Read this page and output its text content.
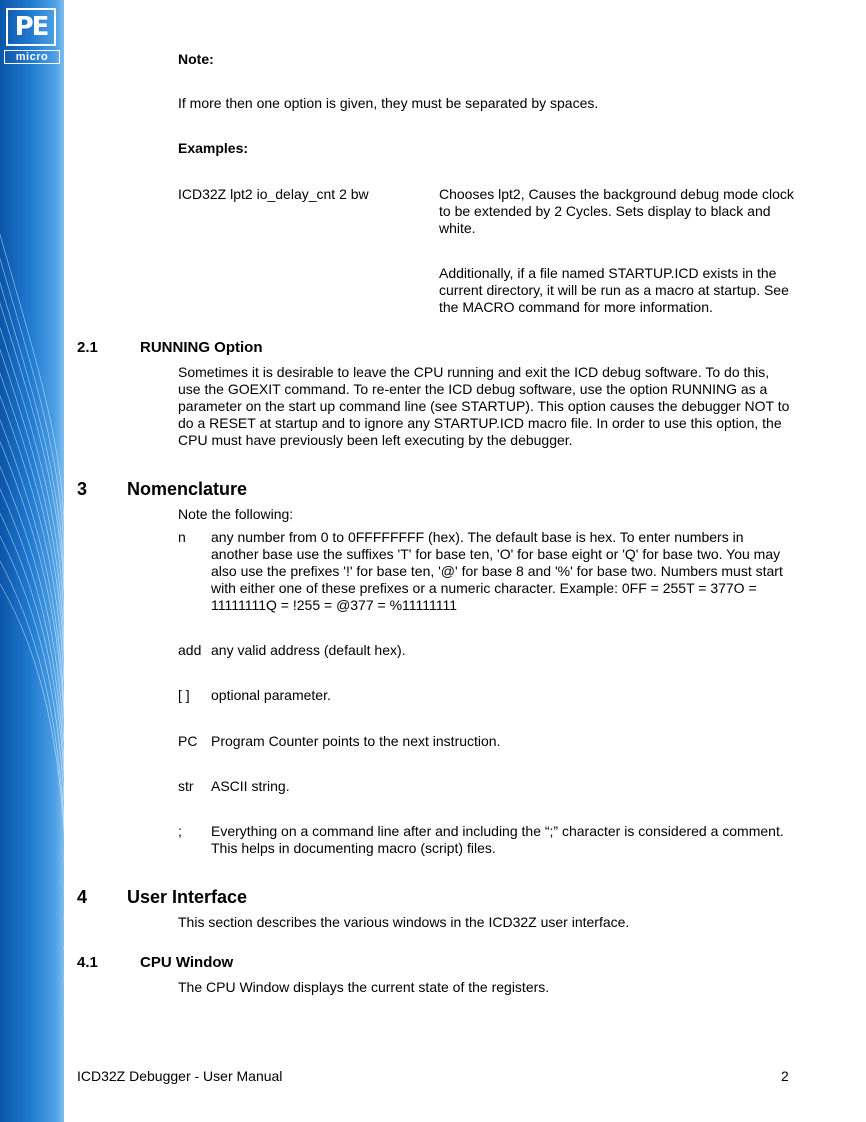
PE
micro	Note:
If more then one option is given, they must be separated by spaces.
Examples:
ICD32Z lpt2 io_delay_cnt 2 bw	Chooses lpt2, Causes the background debug mode clock to be extended by 2 Cycles. Sets display to black and white.
Additionally, if a file named STARTUP.ICD exists in the current directory, it will be run as a macro at startup. See the MACRO command for more information.
2.1	RUNNING Option
Sometimes it is desirable to leave the CPU running and exit the ICD debug software. To do this, use the GOEXIT command. To re-enter the ICD debug software, use the option RUNNING as a parameter on the start up command line (see STARTUP). This option causes the debugger NOT to do a RESET at startup and to ignore any STARTUP.ICD macro file. In order to use this option, the CPU must have previously been left executing by the debugger.
3 Nomenclature
Note the following:
n any number from 0 to 0FFFFFFFF (hex). The default base is hex. To enter numbers in another base use the suffixes 'T' for base ten, 'O' for base eight or 'Q' for base two. You may also use the prefixes '!' for base ten, '@' for base 8 and '%' for base two. Numbers must start with either one of these prefixes or a numeric character. Example: 0FF = 255T = 377O = 11111111Q = !255 = @377 = %11111111
add any valid address (default hex).
[ ] optional parameter.
PC Program Counter points to the next instruction.
str ASCII string.
; Everything on a command line after and including the “;” character is considered a comment. This helps in documenting macro (script) files.
4 User Interface
This section describes the various windows in the ICD32Z user interface.
4.1	CPU Window
The CPU Window displays the current state of the registers.
ICD32Z Debugger - User Manual	2
